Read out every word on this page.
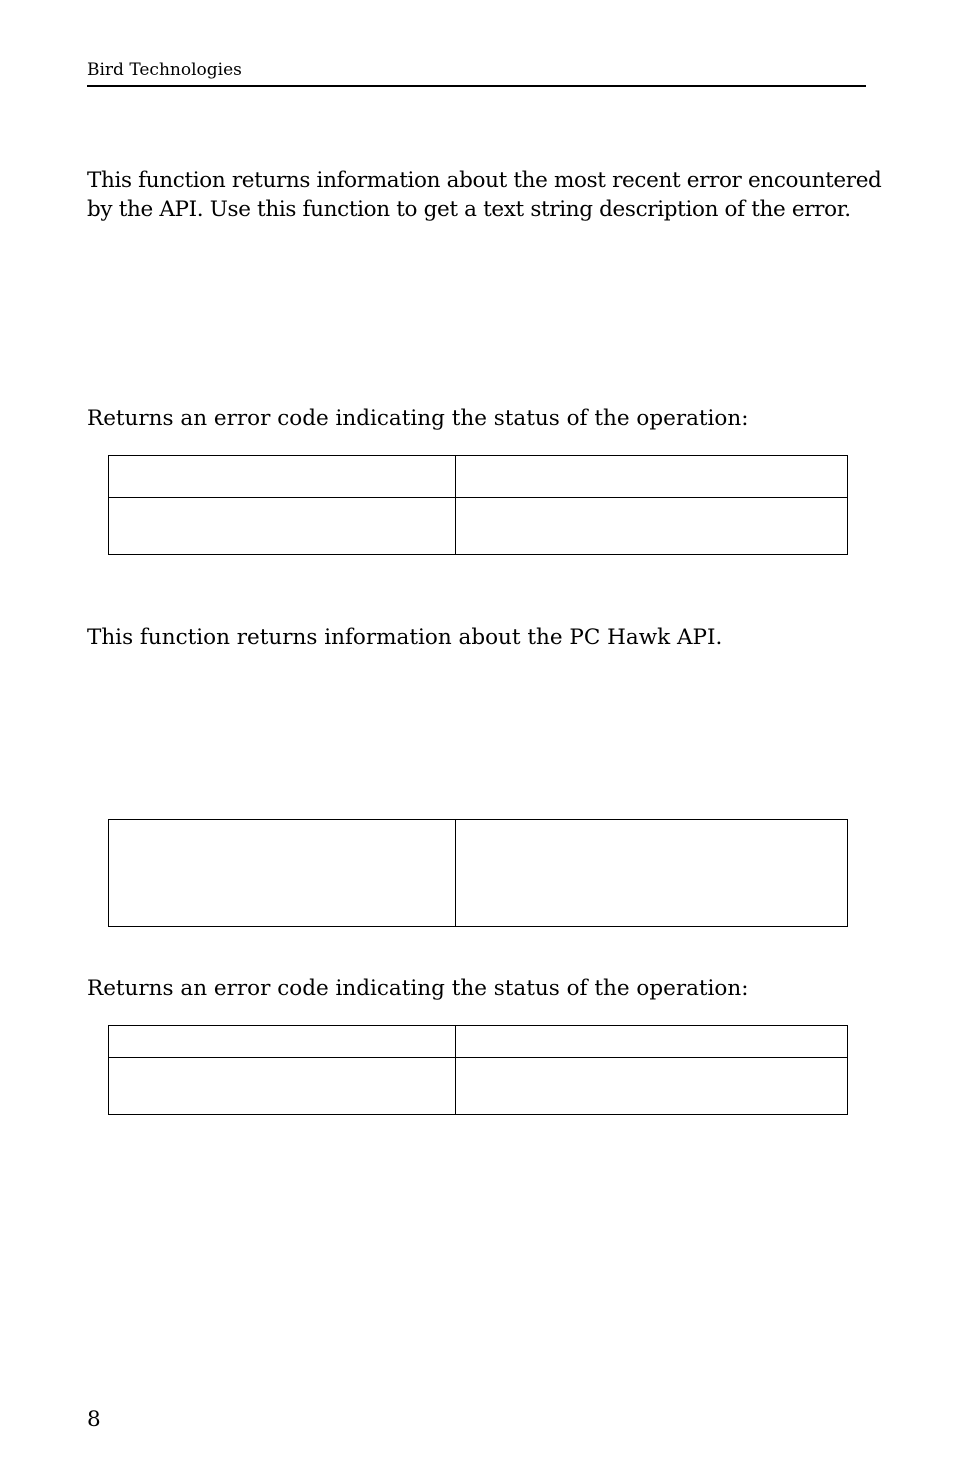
Bird Technologies
This function returns information about the most recent error encountered
by the API. Use this function to get a text string description of the error.
Returns an error code indicating the status of the operation:

This function returns information about the PC Hawk API.

Returns an error code indicating the status of the operation:

8
